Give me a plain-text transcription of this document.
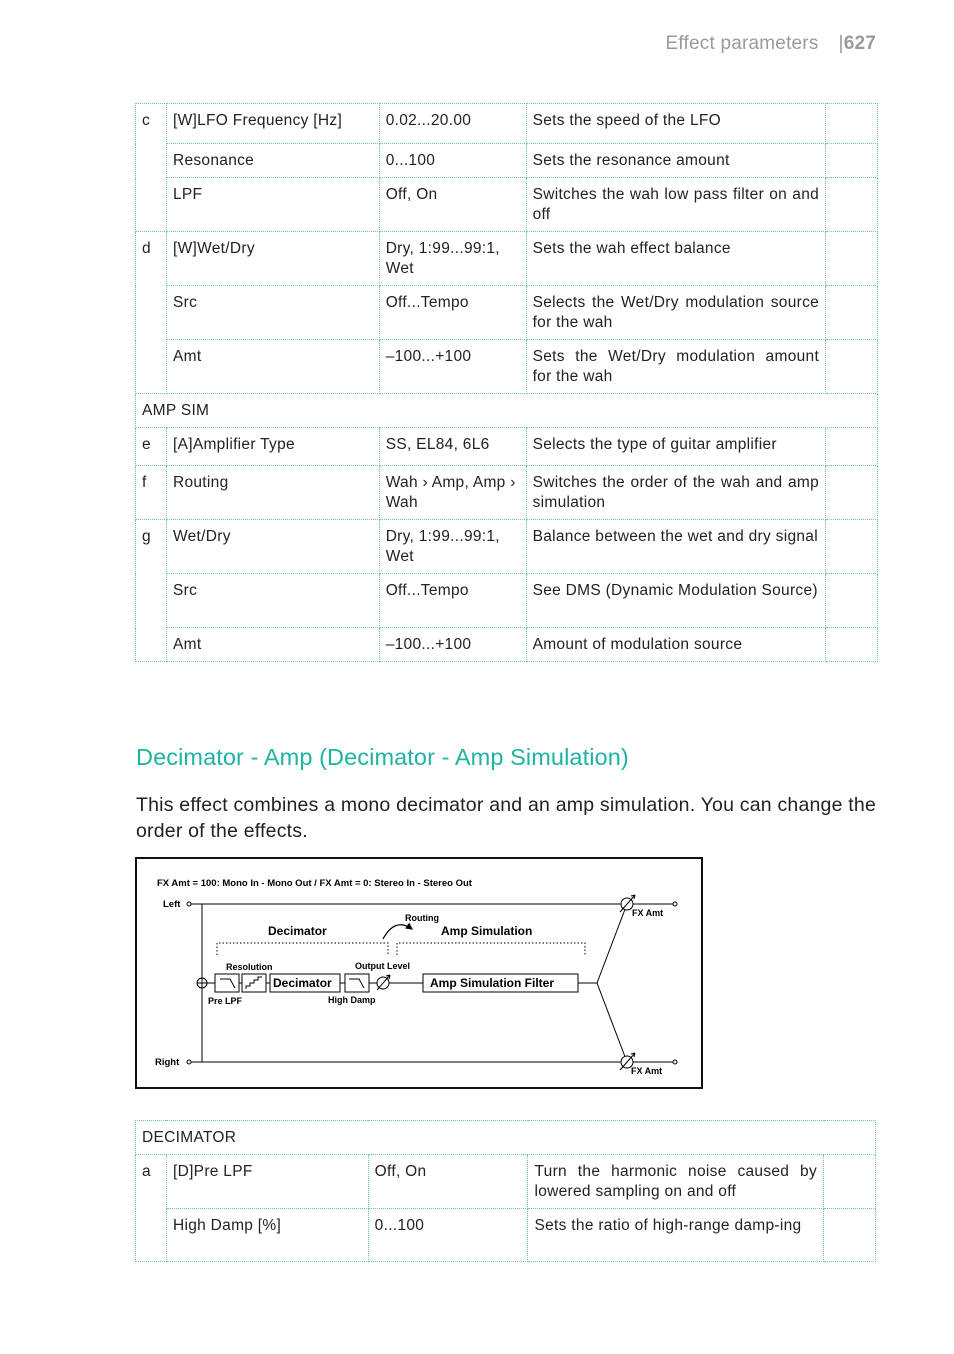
Effect parameters |627
c	[W]LFO Frequency [Hz]	0.02...20.00	Sets the speed of the LFO	
	Resonance	0...100	Sets the resonance amount	
	LPF	Off, On	Switches the wah low pass filter on and off	
d	[W]Wet/Dry	Dry, 1:99...99:1, Wet	Sets the wah effect balance	
	Src	Off...Tempo	Selects the Wet/Dry modulation source for the wah	
	Amt	–100...+100	Sets the Wet/Dry modulation amount for the wah	
AMP SIM				
e	[A]Amplifier Type	SS, EL84, 6L6	Selects the type of guitar amplifier	
f	Routing	Wah › Amp, Amp › Wah	Switches the order of the wah and amp simulation	
g	Wet/Dry	Dry, 1:99...99:1, Wet	Balance between the wet and dry signal	
	Src	Off...Tempo	See DMS (Dynamic Modulation Source)	
	Amt	–100...+100	Amount of modulation source	
Decimator - Amp (Decimator - Amp Simulation)
This effect combines a mono decimator and an amp simulation. You can change the order of the effects.
FX Amt = 100: Mono In - Mono Out / FX Amt = 0: Stereo In - Stereo Out
Left
Right
Decimator	Amp Simulation
Routing
Pre LPF
Resolution
Decimator
High Damp
Output Level
Amp Simulation Filter
FX Amt
FX Amt
DECIMATOR				
a	[D]Pre LPF	Off, On	Turn the harmonic noise caused by lowered sampling on and off	
	High Damp [%]	0...100	Sets the ratio of high-range damp-ing	
